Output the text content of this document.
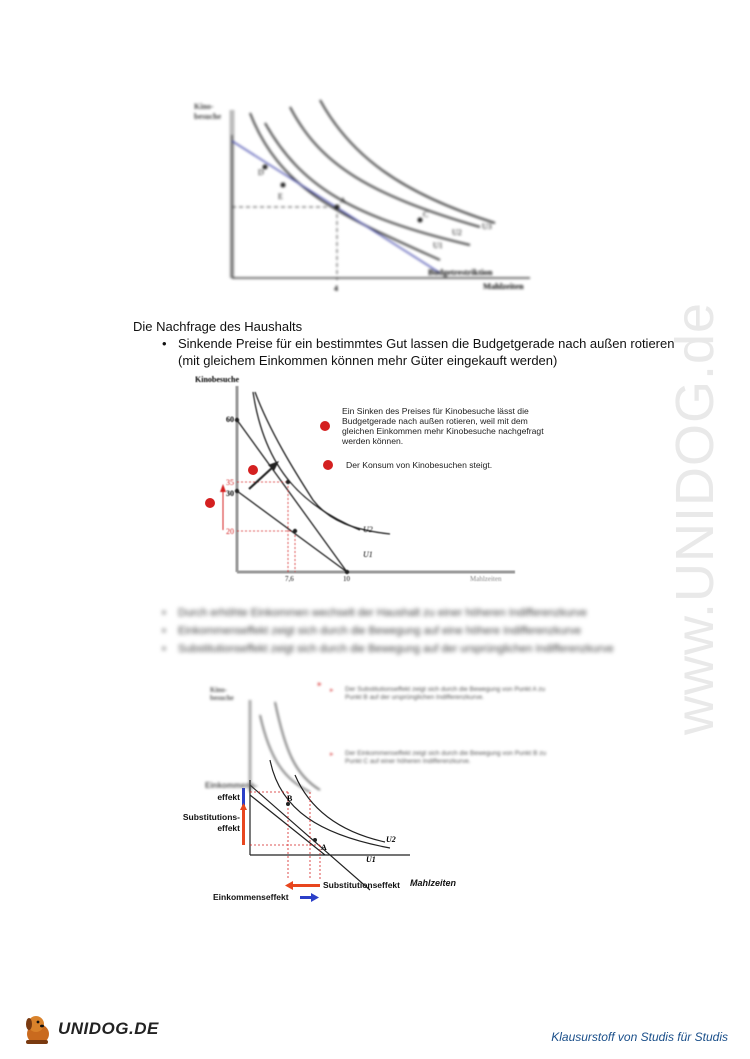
www.UNIDOG.de
Kino-
besuche
D
E	A
C
U3
U2
U1
Budgetrestriktion
Mahlzeiten
4
Die Nachfrage des Haushalts
• Sinkende Preise für ein bestimmtes Gut lassen die Budgetgerade nach außen rotieren (mit gleichem Einkommen können mehr Güter eingekauft werden)
Kinobesuche
60
35
30
20	U2
U1
7,6	10	Mahlzeiten
Ein Sinken des Preises für Kinobesuche lässt die Budgetgerade nach außen rotieren, weil mit dem gleichen Einkommen mehr Kinobesuche nachgefragt werden können.
Der Konsum von Kinobesuchen steigt.
• Durch erhöhte Einkommen wechselt der Haushalt zu einer höheren Indifferenzkurve
• Einkommenseffekt zeigt sich durch die Bewegung auf eine höhere Indifferenzkurve
• Substitutionseffekt zeigt sich durch die Bewegung auf der ursprünglichen Indifferenzkurve
Kino-
besuche
▸
B
A
U2
U1
Einkommens-
effekt
Substitutions-
effekt
Substitutionseffekt Mahlzeiten
Einkommenseffekt
Der Substitutionseffekt zeigt sich durch die Bewegung von Punkt A zu Punkt B auf der ursprünglichen Indifferenzkurve.
Der Einkommenseffekt zeigt sich durch die Bewegung von Punkt B zu Punkt C auf einer höheren Indifferenzkurve.
▸
▸
UNIDOG.DE	Klausurstoff von Studis für Studis
